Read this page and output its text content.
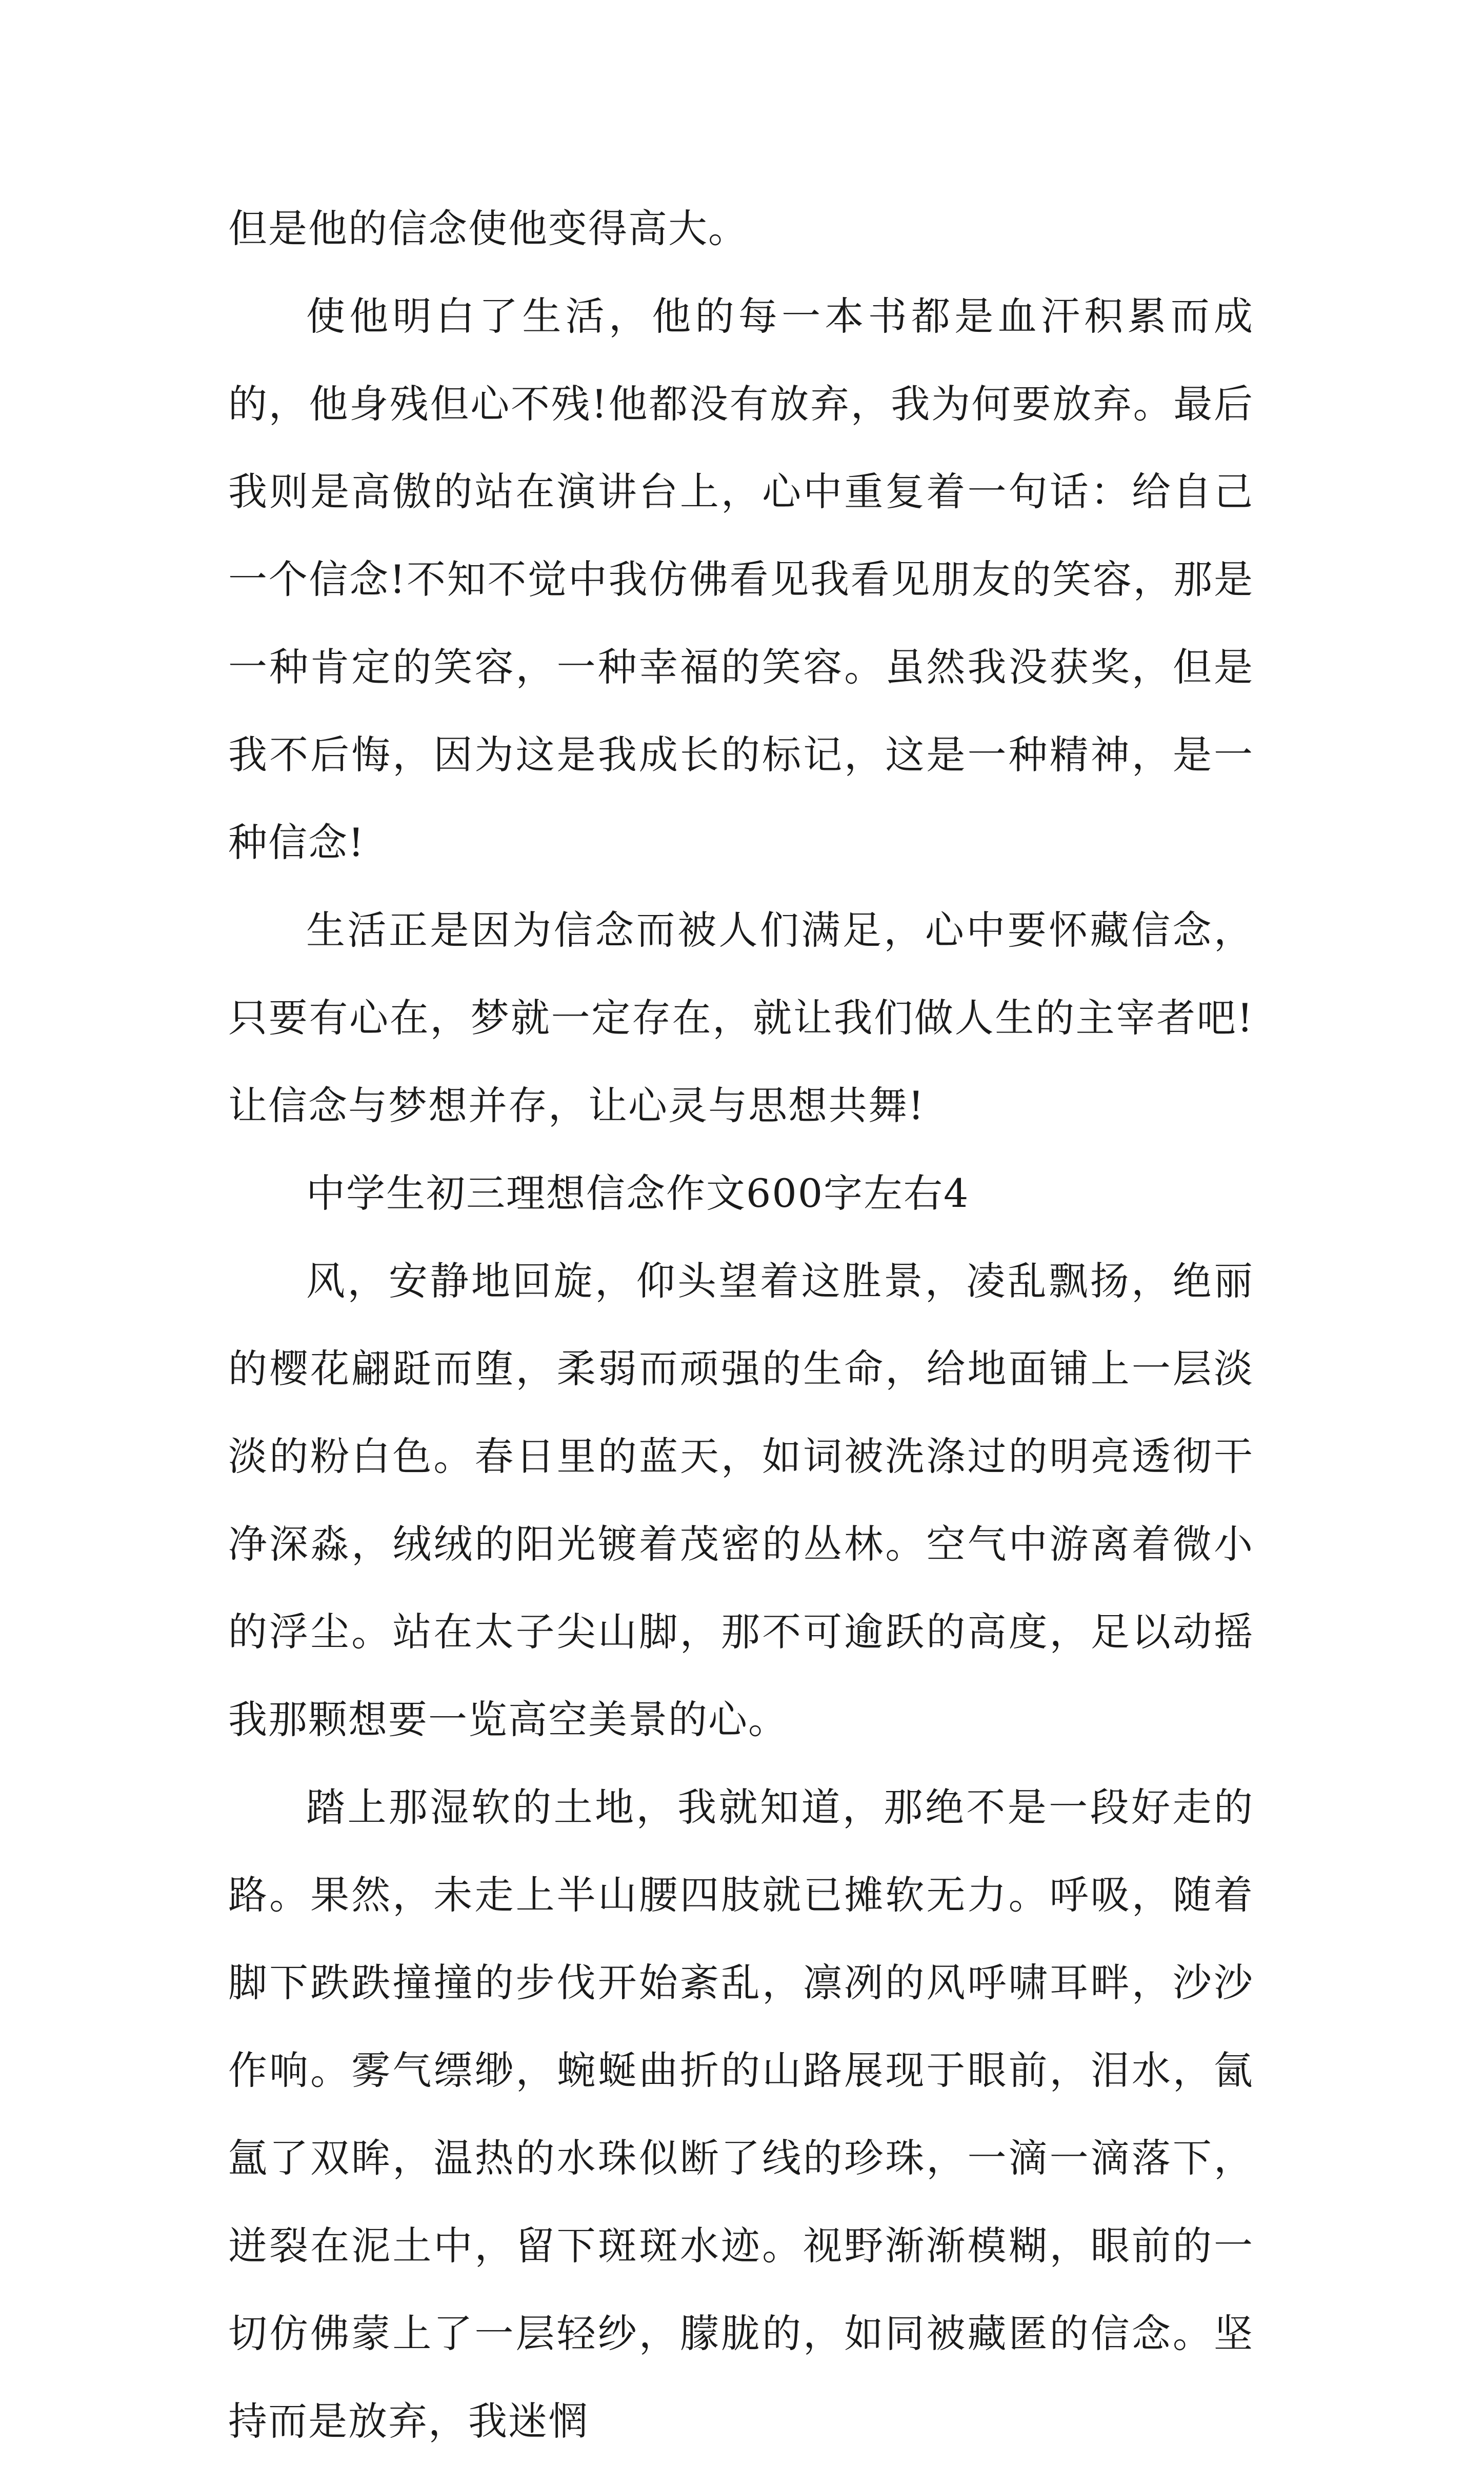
但是他的信念使他变得高大。

使他明白了生活，他的每一本书都是血汗积累而成的，他身残但心不残!他都没有放弃，我为何要放弃。最后我则是高傲的站在演讲台上，心中重复着一句话：给自己一个信念!不知不觉中我仿佛看见我看见朋友的笑容，那是一种肯定的笑容，一种幸福的笑容。虽然我没获奖，但是我不后悔，因为这是我成长的标记，这是一种精神，是一种信念!

生活正是因为信念而被人们满足，心中要怀藏信念，只要有心在，梦就一定存在，就让我们做人生的主宰者吧!让信念与梦想并存，让心灵与思想共舞!

中学生初三理想信念作文600字左右4

风，安静地回旋，仰头望着这胜景，凌乱飘扬，绝丽的樱花翩跹而堕，柔弱而顽强的生命，给地面铺上一层淡淡的粉白色。春日里的蓝天，如词被洗涤过的明亮透彻干净深淼，绒绒的阳光镀着茂密的丛林。空气中游离着微小的浮尘。站在太子尖山脚，那不可逾跃的高度，足以动摇我那颗想要一览高空美景的心。

踏上那湿软的土地，我就知道，那绝不是一段好走的路。果然，未走上半山腰四肢就已摊软无力。呼吸，随着脚下跌跌撞撞的步伐开始紊乱，凛冽的风呼啸耳畔，沙沙作响。雾气缥缈，蜿蜒曲折的山路展现于眼前，泪水，氤氲了双眸，温热的水珠似断了线的珍珠，一滴一滴落下，迸裂在泥土中，留下斑斑水迹。视野渐渐模糊，眼前的一切仿佛蒙上了一层轻纱，朦胧的，如同被藏匿的信念。坚持而是放弃，我迷惘
